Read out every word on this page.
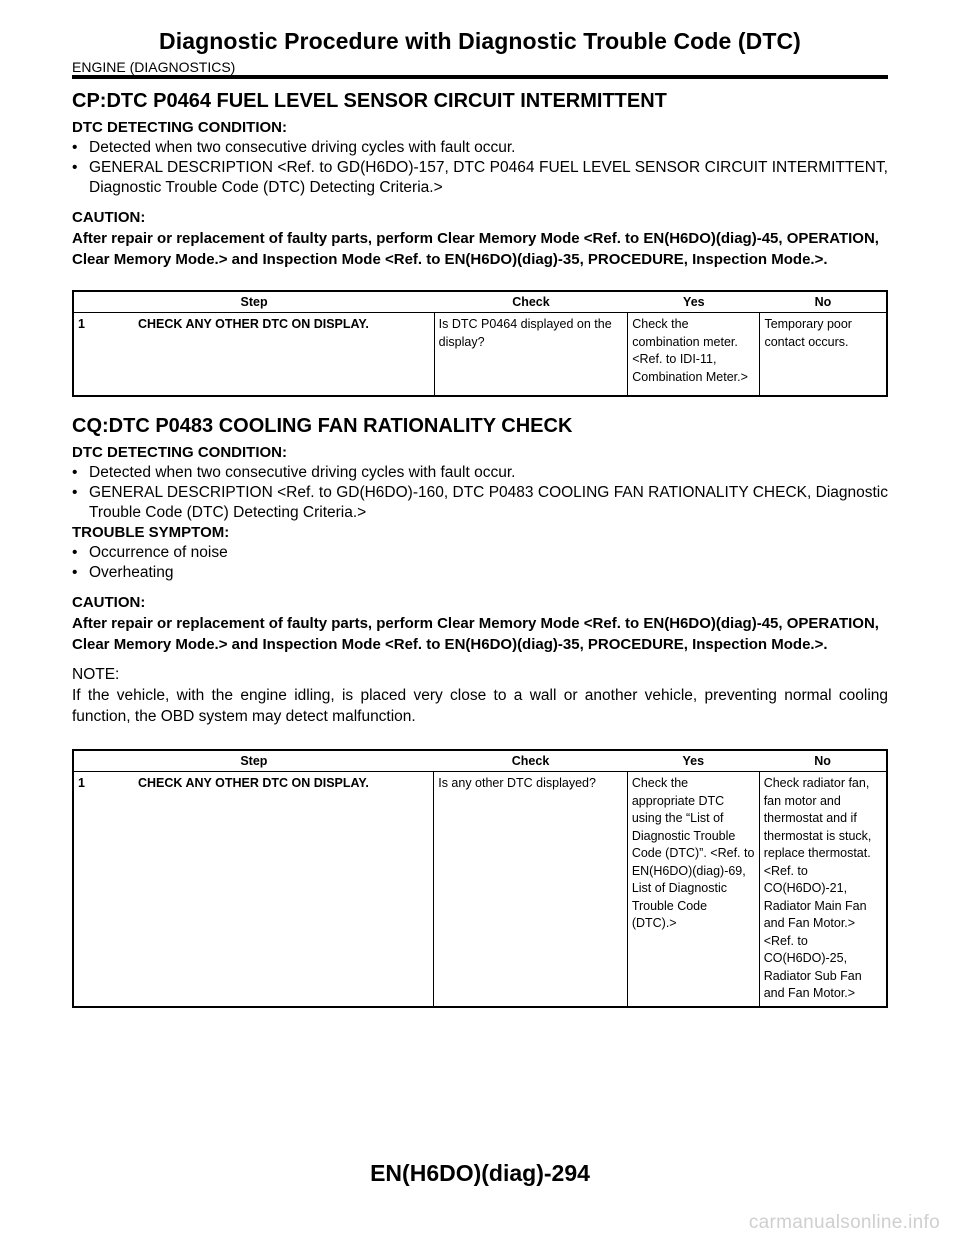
Diagnostic Procedure with Diagnostic Trouble Code (DTC)
ENGINE (DIAGNOSTICS)
CP:DTC P0464 FUEL LEVEL SENSOR CIRCUIT INTERMITTENT

DTC DETECTING CONDITION:

• Detected when two consecutive driving cycles with fault occur.

• GENERAL DESCRIPTION <Ref. to GD(H6DO)-157, DTC P0464 FUEL LEVEL SENSOR CIRCUIT INTERMITTENT, Diagnostic Trouble Code (DTC) Detecting Criteria.>

CAUTION:

After repair or replacement of faulty parts, perform Clear Memory Mode <Ref. to EN(H6DO)(diag)-45, OPERATION, Clear Memory Mode.> and Inspection Mode <Ref. to EN(H6DO)(diag)-35, PROCEDURE, Inspection Mode.>.

Step	Check	Yes	No
1 CHECK ANY OTHER DTC ON DISPLAY.	Is DTC P0464 displayed on the display?	Check the combination meter. <Ref. to IDI-11, Combination Meter.>	Temporary poor contact occurs.
CQ:DTC P0483 COOLING FAN RATIONALITY CHECK

DTC DETECTING CONDITION:

• Detected when two consecutive driving cycles with fault occur.

• GENERAL DESCRIPTION <Ref. to GD(H6DO)-160, DTC P0483 COOLING FAN RATIONALITY CHECK, Diagnostic Trouble Code (DTC) Detecting Criteria.>

TROUBLE SYMPTOM:

• Occurrence of noise

• Overheating

CAUTION:

After repair or replacement of faulty parts, perform Clear Memory Mode <Ref. to EN(H6DO)(diag)-45, OPERATION, Clear Memory Mode.> and Inspection Mode <Ref. to EN(H6DO)(diag)-35, PROCEDURE, Inspection Mode.>.

NOTE:

If the vehicle, with the engine idling, is placed very close to a wall or another vehicle, preventing normal cooling function, the OBD system may detect malfunction.

Step	Check	Yes	No
1 CHECK ANY OTHER DTC ON DISPLAY.	Is any other DTC displayed?	Check the appropriate DTC using the “List of Diagnostic Trouble Code (DTC)”. <Ref. to EN(H6DO)(diag)-69, List of Diagnostic Trouble Code (DTC).>	Check radiator fan, fan motor and thermostat and if thermostat is stuck, replace thermostat. <Ref. to CO(H6DO)-21, Radiator Main Fan and Fan Motor.> <Ref. to CO(H6DO)-25, Radiator Sub Fan and Fan Motor.>
EN(H6DO)(diag)-294
carmanualsonline.info
